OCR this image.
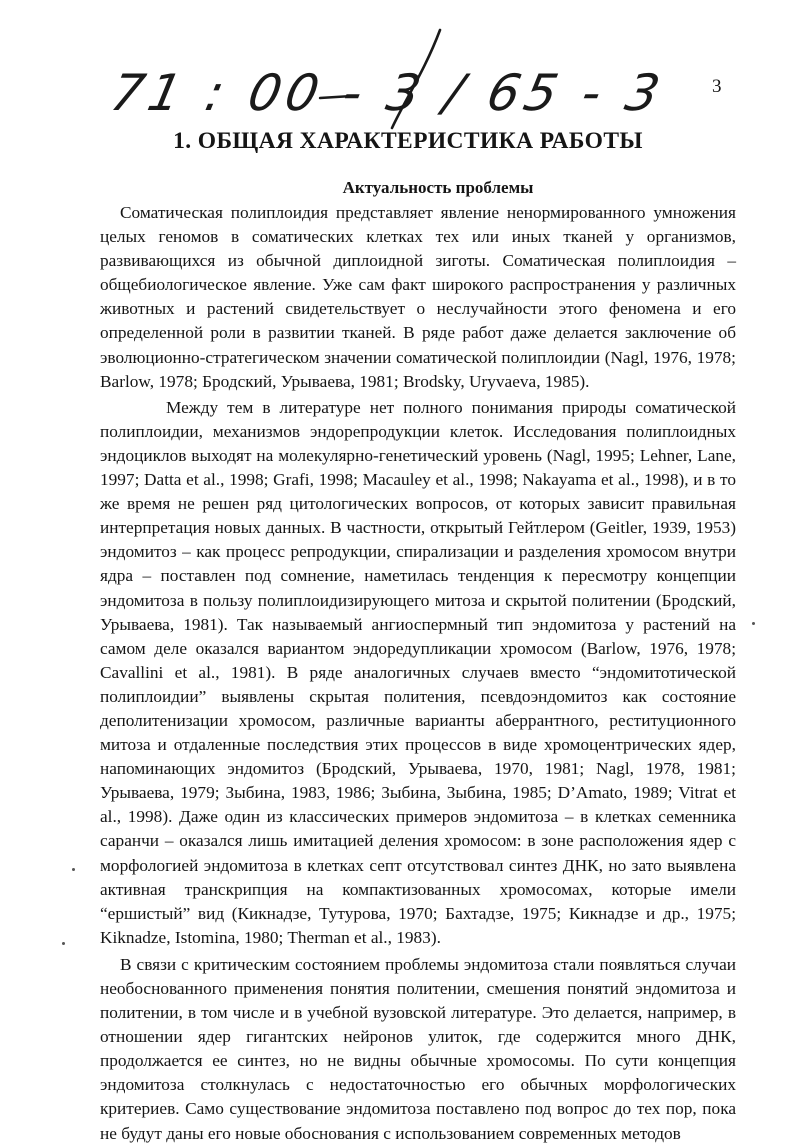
71 : 00 - 3 / 65 - 3 3
1. ОБЩАЯ ХАРАКТЕРИСТИКА РАБОТЫ
Актуальность проблемы

Соматическая полиплоидия представляет явление ненормированного умножения целых геномов в соматических клетках тех или иных тканей у организмов, развивающихся из обычной диплоидной зиготы. Соматическая полиплоидия – общебиологическое явление. Уже сам факт широкого распространения у различных животных и растений свидетельствует о неслучайности этого феномена и его определенной роли в развитии тканей. В ряде работ даже делается заключение об эволюционно-стратегическом значении соматической полиплоидии (Nagl, 1976, 1978; Barlow, 1978; Бродский, Урываева, 1981; Brodsky, Uryvaeva, 1985).

Между тем в литературе нет полного понимания природы соматической полиплоидии, механизмов эндорепродукции клеток. Исследования полиплоидных эндоциклов выходят на молекулярно-генетический уровень (Nagl, 1995; Lehner, Lane, 1997; Datta et al., 1998; Grafi, 1998; Macauley et al., 1998; Nakayama et al., 1998), и в то же время не решен ряд цитологических вопросов, от которых зависит правильная интерпретация новых данных. В частности, открытый Гейтлером (Geitler, 1939, 1953) эндомитоз – как процесс репродукции, спирализации и разделения хромосом внутри ядра – поставлен под сомнение, наметилась тенденция к пересмотру концепции эндомитоза в пользу полиплоидизирующего митоза и скрытой политении (Бродский, Урываева, 1981). Так называемый ангиоспермный тип эндомитоза у растений на самом деле оказался вариантом эндоредупликации хромосом (Barlow, 1976, 1978; Cavallini et al., 1981). В ряде аналогичных случаев вместо “эндомитотической полиплоидии” выявлены скрытая политения, псевдоэндомитоз как состояние деполитенизации хромосом, различные варианты аберрантного, реституционного митоза и отдаленные последствия этих процессов в виде хромоцентрических ядер, напоминающих эндомитоз (Бродский, Урываева, 1970, 1981; Nagl, 1978, 1981; Урываева, 1979; Зыбина, 1983, 1986; Зыбина, Зыбина, 1985; D’Amato, 1989; Vitrat et al., 1998). Даже один из классических примеров эндомитоза – в клетках семенника саранчи – оказался лишь имитацией деления хромосом: в зоне расположения ядер с морфологией эндомитоза в клетках септ отсутствовал синтез ДНК, но зато выявлена активная транскрипция на компактизованных хромосомах, которые имели “ершистый” вид (Кикнадзе, Тутурова, 1970; Бахтадзе, 1975; Кикнадзе и др., 1975; Kiknadze, Istomina, 1980; Therman et al., 1983).

В связи с критическим состоянием проблемы эндомитоза стали появляться случаи необоснованного применения понятия политении, смешения понятий эндомитоза и политении, в том числе и в учебной вузовской литературе. Это делается, например, в отношении ядер гигантских нейронов улиток, где содержится много ДНК, продолжается ее синтез, но не видны обычные хромосомы. По сути концепция эндомитоза столкнулась с недостаточностью его обычных морфологических критериев. Само существование эндомитоза поставлено под вопрос до тех пор, пока не будут даны его новые обоснования с использованием современных методов
